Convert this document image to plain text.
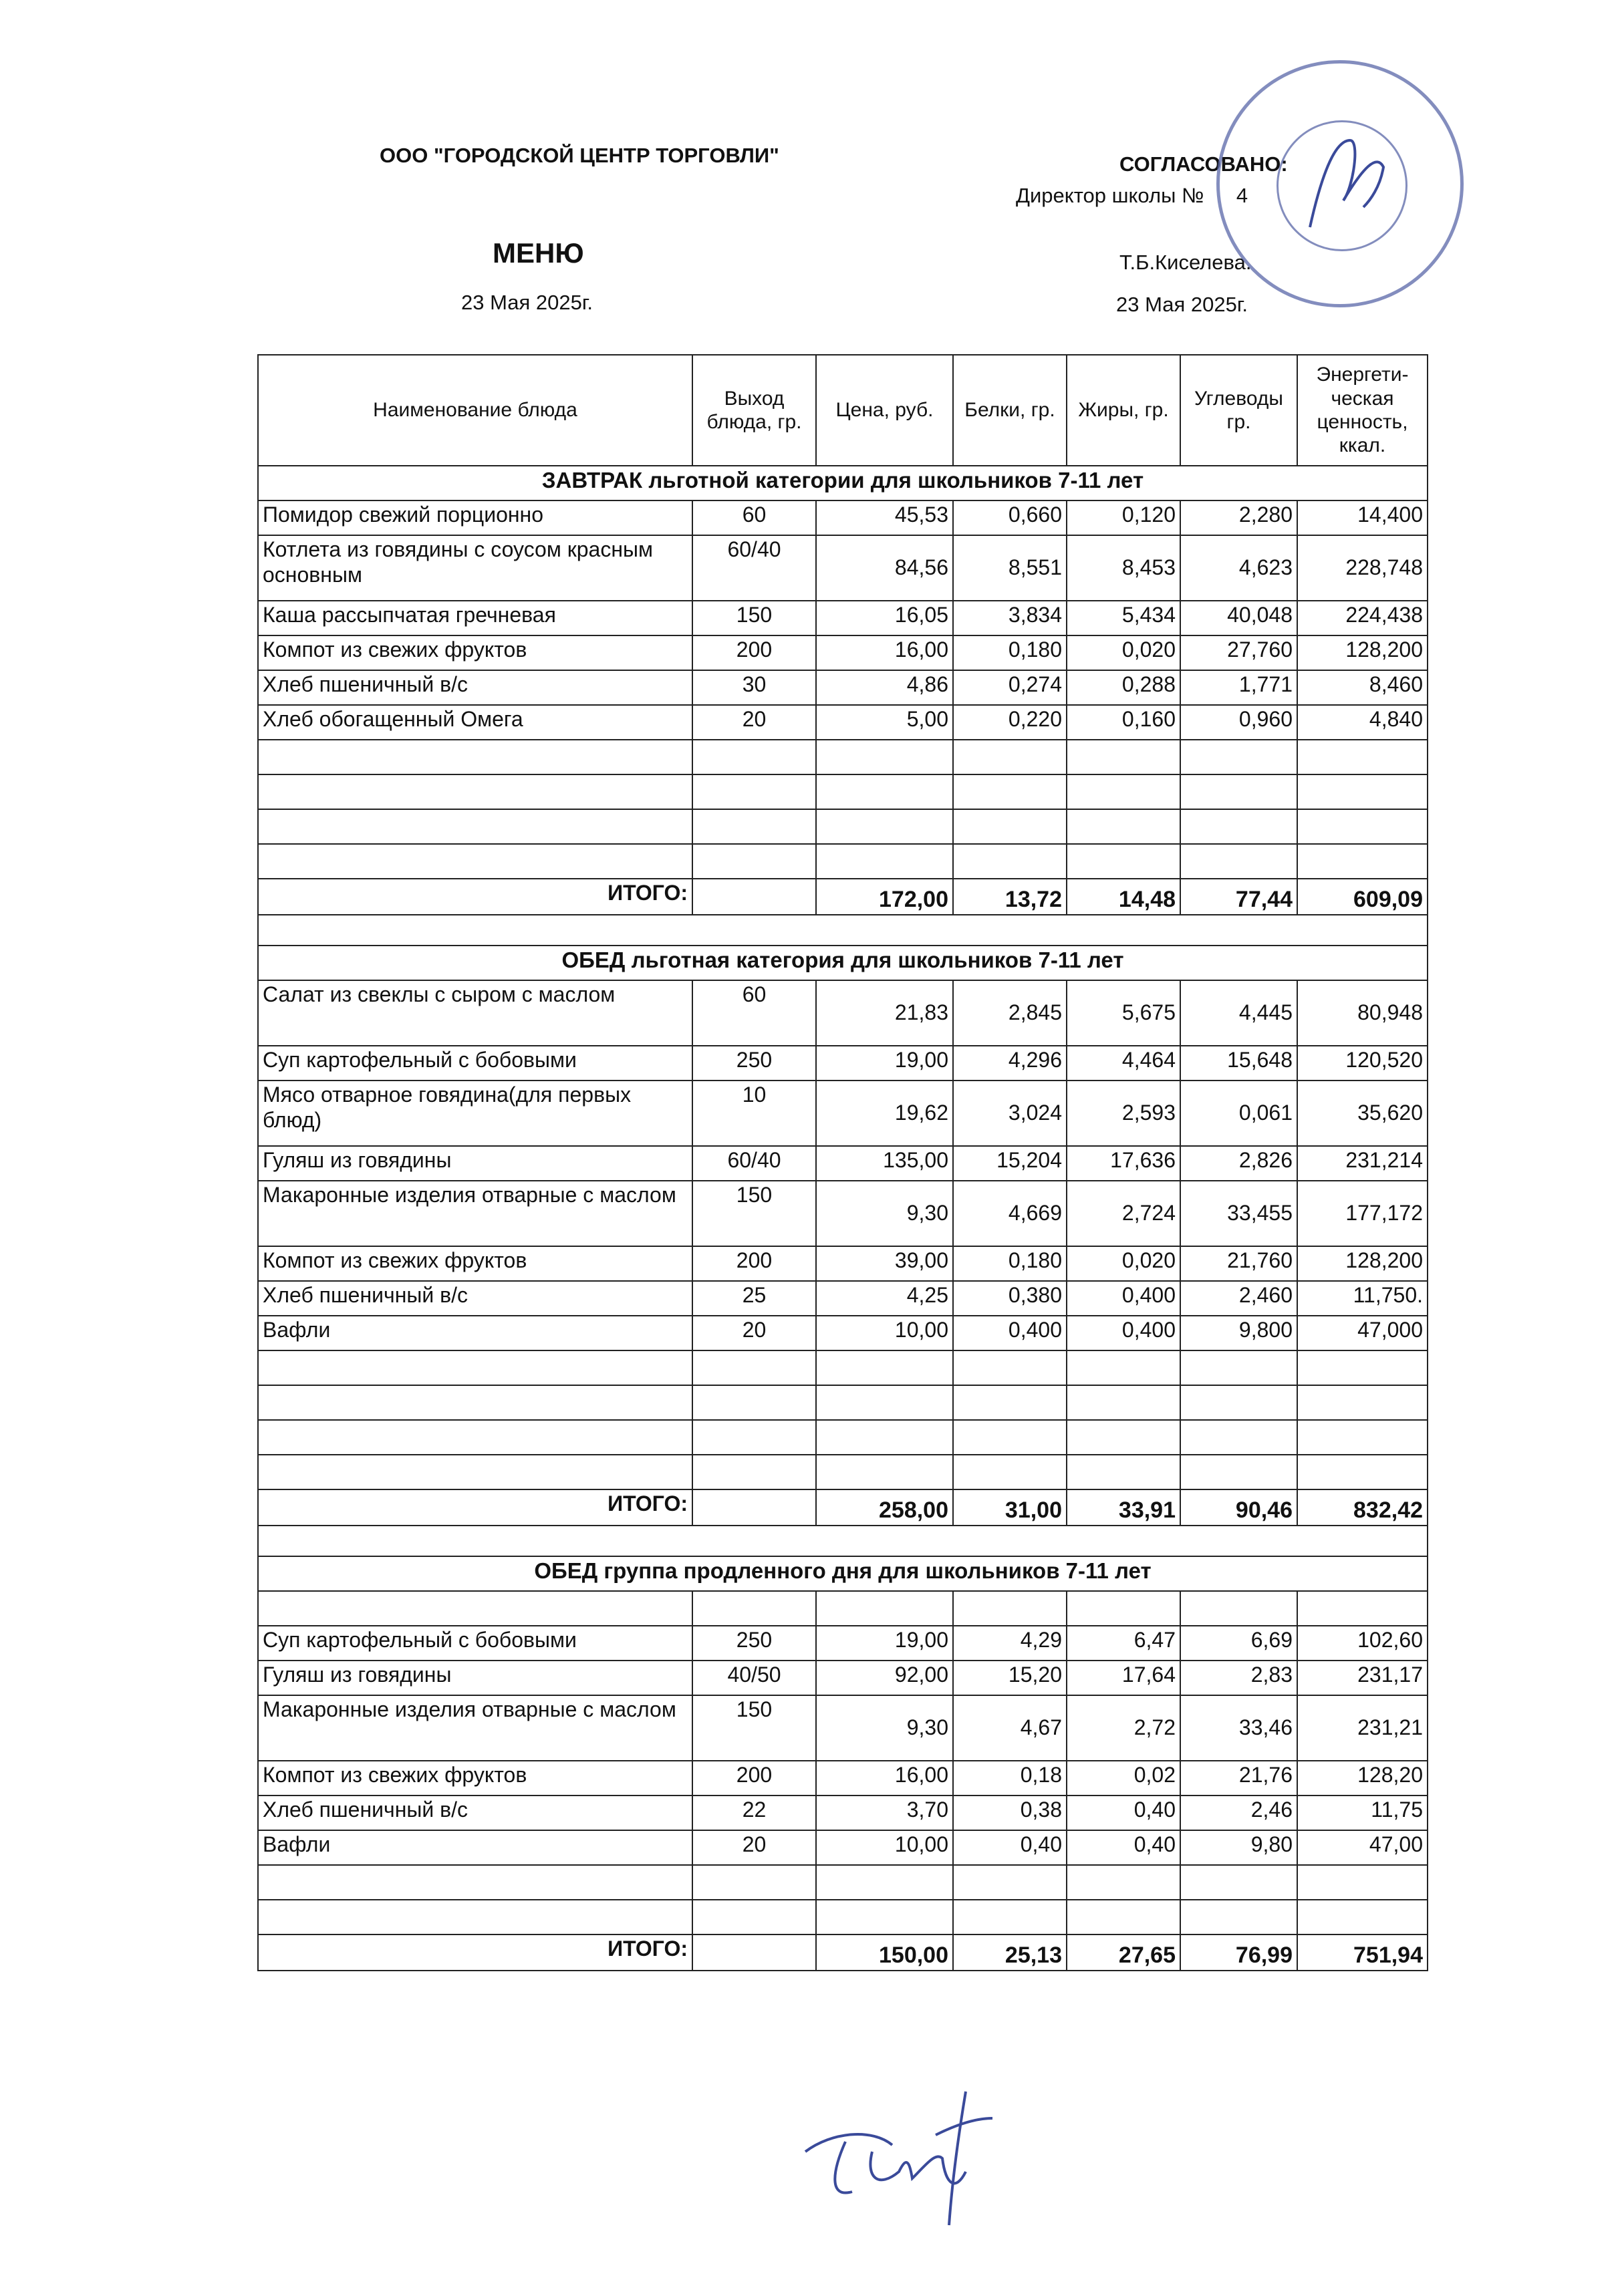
ООО "ГОРОДСКОЙ ЦЕНТР ТОРГОВЛИ"
МЕНЮ
23 Мая 2025г.
СОГЛАСОВАНО:
Директор школы № 4
Т.Б.Киселева.
23 Мая 2025г.
Наименование блюда	Выход блюда, гр.	Цена, руб.	Белки, гр.	Жиры, гр.	Углеводы гр.	Энергети-ческая ценность, ккал.
ЗАВТРАК льготной категории для школьников 7-11 лет						
Помидор свежий порционно	60	45,53	0,660	0,120	2,280	14,400
Котлета из говядины с соусом красным основным	60/40	84,56	8,551	8,453	4,623	228,748
Каша рассыпчатая гречневая	150	16,05	3,834	5,434	40,048	224,438
Компот из свежих фруктов	200	16,00	0,180	0,020	27,760	128,200
Хлеб пшеничный в/с	30	4,86	0,274	0,288	1,771	8,460
Хлеб обогащенный Омега	20	5,00	0,220	0,160	0,960	4,840

ИТОГО:		172,00	13,72	14,48	77,44	609,09

ОБЕД льготная категория для школьников 7-11 лет						
Салат из свеклы с сыром с маслом	60	21,83	2,845	5,675	4,445	80,948
Суп картофельный с бобовыми	250	19,00	4,296	4,464	15,648	120,520
Мясо отварное говядина(для первых блюд)	10	19,62	3,024	2,593	0,061	35,620
Гуляш из говядины	60/40	135,00	15,204	17,636	2,826	231,214
Макаронные изделия отварные с маслом	150	9,30	4,669	2,724	33,455	177,172
Компот из свежих фруктов	200	39,00	0,180	0,020	21,760	128,200
Хлеб пшеничный в/с	25	4,25	0,380	0,400	2,460	11,750.
Вафли	20	10,00	0,400	0,400	9,800	47,000

ИТОГО:		258,00	31,00	33,91	90,46	832,42

ОБЕД группа продленного дня для школьников 7-11 лет						

Суп картофельный с бобовыми	250	19,00	4,29	6,47	6,69	102,60
Гуляш из говядины	40/50	92,00	15,20	17,64	2,83	231,17
Макаронные изделия отварные с маслом	150	9,30	4,67	2,72	33,46	231,21
Компот из свежих фруктов	200	16,00	0,18	0,02	21,76	128,20
Хлеб пшеничный в/с	22	3,70	0,38	0,40	2,46	11,75
Вафли	20	10,00	0,40	0,40	9,80	47,00

ИТОГО:		150,00	25,13	27,65	76,99	751,94
